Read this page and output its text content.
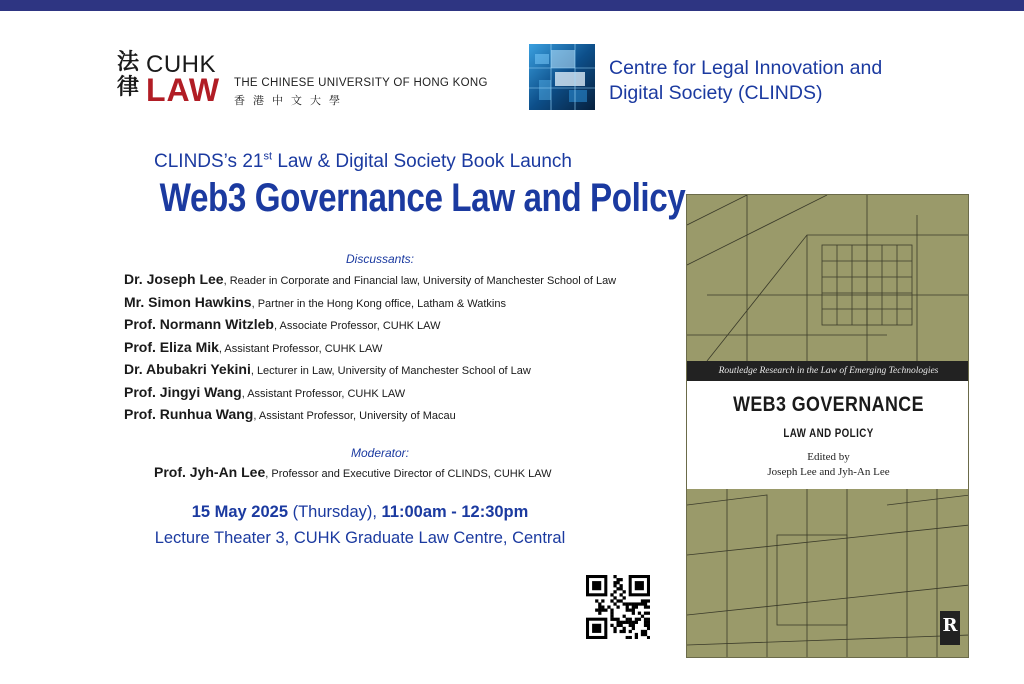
法律
CUHK
LAW THE CHINESE UNIVERSITY OF HONG KONG
香港中文大學
Centre for Legal Innovation and Digital Society (CLINDS)
CLINDS’s 21st Law & Digital Society Book Launch
Web3 Governance Law and Policy
Discussants:
Dr. Joseph Lee, Reader in Corporate and Financial law, University of Manchester School of Law
Mr. Simon Hawkins, Partner in the Hong Kong office, Latham & Watkins
Prof. Normann Witzleb, Associate Professor, CUHK LAW
Prof. Eliza Mik, Assistant Professor, CUHK LAW
Dr. Abubakri Yekini, Lecturer in Law, University of Manchester School of Law
Prof. Jingyi Wang, Assistant Professor, CUHK LAW
Prof. Runhua Wang, Assistant Professor, University of Macau
Moderator:
Prof. Jyh-An Lee, Professor and Executive Director of CLINDS, CUHK LAW
15 May 2025 (Thursday), 11:00am - 12:30pm
Lecture Theater 3, CUHK Graduate Law Centre, Central
Routledge Research in the Law of Emerging Technologies
WEB3 GOVERNANCE
LAW AND POLICY
Edited by
Joseph Lee and Jyh-An Lee
R
